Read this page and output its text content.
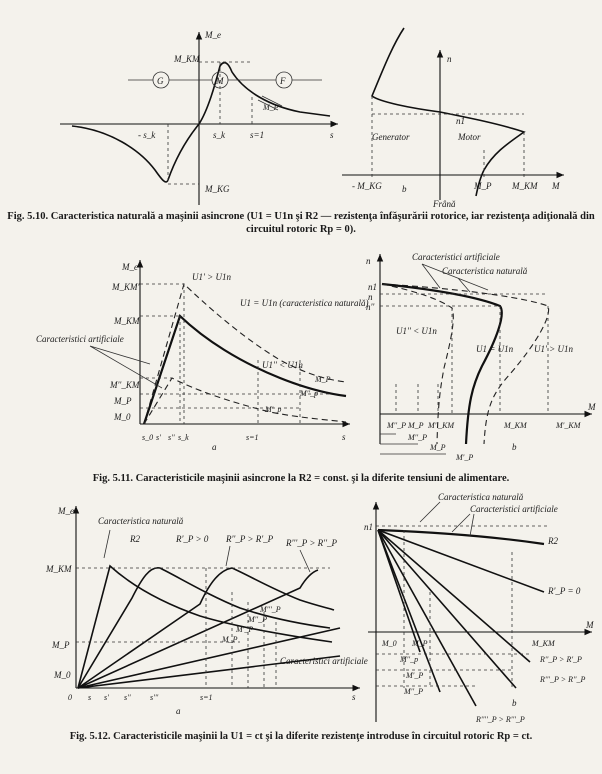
M_e
M_KM
M_KG
- s_k	s_k	s=1	s
M_P
G	M	F
n
n1
Generator	Motor
Frână
- M_KG	M_P M_KM M
b
Fig. 5.10. Caracteristica naturală a maşinii asincrone (U1 = U1n şi R2 — rezistenţa înfăşurării rotorice, iar rezistenţa adiţională din circuitul rotoric Rp = 0).
M_e
M_KM'
M_KM
M''_KM
M_P
M_0
U1' > U1n
U1 = U1n (caracteristica naturală)
Caracteristici artificiale
U1'' < U1n
s_0 s' s'' s_k	s=1	s
M'_p
M''_p
M_P
a
n
n1
n
n''
Caracteristici artificiale
Caracteristica naturală
U1'' < U1n
U1 = U1n U1' > U1n
M''_P M_P M''_KM	M_KM	M'_KM
M
M''_P
M_P
M'_P
b
Fig. 5.11. Caracteristicile maşinii asincrone la R2 = const. şi la diferite tensiuni de alimentare.
M_e
Caracteristica naturală
R2	R'_P > 0 R''_P > R'_P R'''_P > R''_P
M_KM
M_P
M_0
Caracteristici artificiale
0 s s' s'' s'''	s=1	s
M_P
M'_P
M''_P
M'''_P
a
n1
Caracteristica naturală
Caracteristici artificiale
R2
R'_P = 0
M_0 M_P
M
M_KM
R''_P > R'_P
R'''_P > R''_P
R''''_P > R'''_P
M''_p
M'_P
M''_P
b
Fig. 5.12. Caracteristicile maşinii la U1 = ct şi la diferite rezistenţe introduse în circuitul rotoric Rp = ct.
